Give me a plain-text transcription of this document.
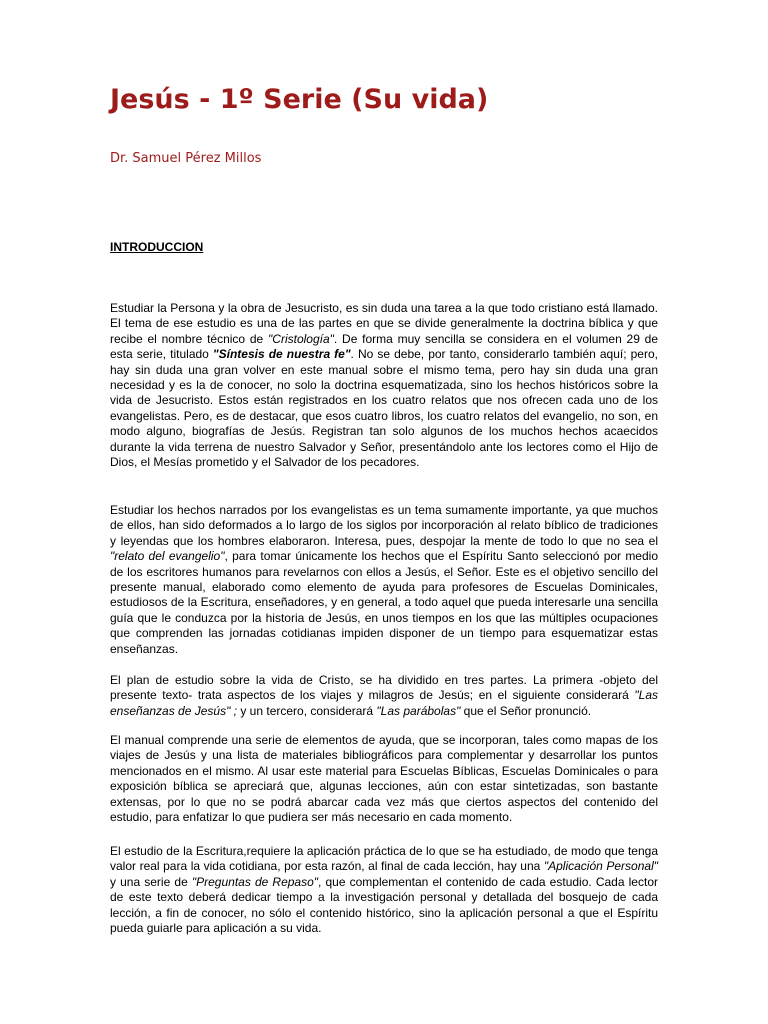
Jesús - 1º Serie (Su vida)

Dr. Samuel Pérez Millos

INTRODUCCION

Estudiar la Persona y la obra de Jesucristo, es sin duda una tarea a la que todo cristiano está llamado. El tema de ese estudio es una de las partes en que se divide generalmente la doctrina bíblica y que recibe el nombre técnico de "Cristología". De forma muy sencilla se considera en el volumen 29 de esta serie, titulado "Síntesis de nuestra fe". No se debe, por tanto, considerarlo también aquí; pero, hay sin duda una gran volver en este manual sobre el mismo tema, pero hay sin duda una gran necesidad y es la de conocer, no solo la doctrina esquematizada, sino los hechos históricos sobre la vida de Jesucristo. Estos están registrados en los cuatro relatos que nos ofrecen cada uno de los evangelistas. Pero, es de destacar, que esos cuatro libros, los cuatro relatos del evangelio, no son, en modo alguno, biografías de Jesús. Registran tan solo algunos de los muchos hechos acaecidos durante la vida terrena de nuestro Salvador y Señor, presentándolo ante los lectores como el Hijo de Dios, el Mesías prometido y el Salvador de los pecadores.

Estudiar los hechos narrados por los evangelistas es un tema sumamente importante, ya que muchos de ellos, han sido deformados a lo largo de los siglos por incorporación al relato bíblico de tradiciones y leyendas que los hombres elaboraron. Interesa, pues, despojar la mente de todo lo que no sea el "relato del evangelio", para tomar únicamente los hechos que el Espíritu Santo seleccionó por medio de los escritores humanos para revelarnos con ellos a Jesús, el Señor. Este es el objetivo sencillo del presente manual, elaborado como elemento de ayuda para profesores de Escuelas Dominicales, estudiosos de la Escritura, enseñadores, y en general, a todo aquel que pueda interesarle una sencilla guía que le conduzca por la historia de Jesús, en unos tiempos en los que las múltiples ocupaciones que comprenden las jornadas cotidianas impiden disponer de un tiempo para esquematizar estas enseñanzas.

El plan de estudio sobre la vida de Cristo, se ha dividido en tres partes. La primera -objeto del presente texto- trata aspectos de los viajes y milagros de Jesús; en el siguiente considerará "Las enseñanzas de Jesús" ; y un tercero, considerará "Las parábolas" que el Señor pronunció.

El manual comprende una serie de elementos de ayuda, que se incorporan, tales como mapas de los viajes de Jesús y una lista de materiales bibliográficos para complementar y desarrollar los puntos mencionados en el mismo. Al usar este material para Escuelas Bíblicas, Escuelas Dominicales o para exposición bíblica se apreciará que, algunas lecciones, aún con estar sintetizadas, son bastante extensas, por lo que no se podrá abarcar cada vez más que ciertos aspectos del contenido del estudio, para enfatizar lo que pudiera ser más necesario en cada momento.

El estudio de la Escritura,requiere la aplicación práctica de lo que se ha estudiado, de modo que tenga valor real para la vida cotidiana, por esta razón, al final de cada lección, hay una "Aplicación Personal" y una serie de "Preguntas de Repaso", que complementan el contenido de cada estudio. Cada lector de este texto deberá dedicar tiempo a la investigación personal y detallada del bosquejo de cada lección, a fin de conocer, no sólo el contenido histórico, sino la aplicación personal a que el Espíritu pueda guiarle para aplicación a su vida.
